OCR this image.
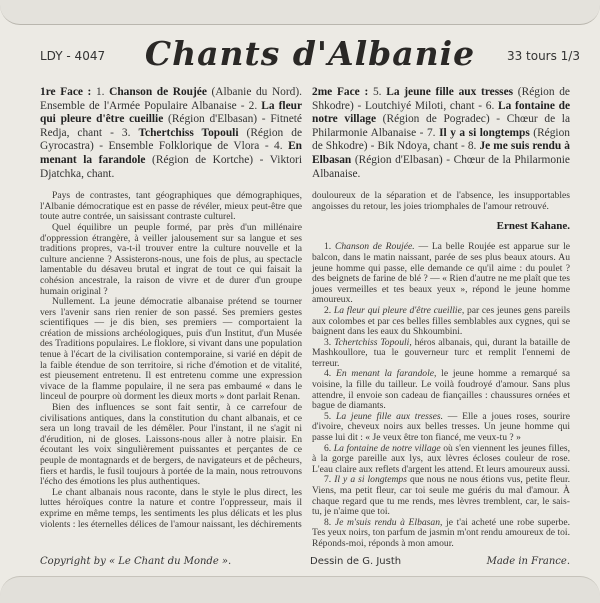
LDY - 4047 Chants d'Albanie	33 tours 1/3
1re Face : 1. Chanson de Roujée (Albanie du Nord). Ensemble de l'Armée Populaire Albanaise - 2. La fleur qui pleure d'être cueillie (Région d'Elbasan) - Fitneté Redja, chant - 3. Tchertchiss Topouli (Région de Gyrocastra) - Ensemble Folklorique de Vlora - 4. En menant la farandole (Région de Kortche) - Viktori Djatchka, chant.

Pays de contrastes, tant géographiques que démographiques, l'Albanie démocratique est en passe de révéler, mieux peut-être que toute autre contrée, un saisissant contraste culturel.

Quel équilibre un peuple formé, par près d'un millénaire d'oppression étrangère, à veiller jalousement sur sa langue et ses traditions propres, va-t-il trouver entre la culture nouvelle et la culture ancienne ? Assisterons-nous, une fois de plus, au spectacle lamentable du désaveu brutal et ingrat de tout ce qui faisait la cohésion ancestrale, la raison de vivre et de durer d'un groupe humain original ?

Nullement. La jeune démocratie albanaise prétend se tourner vers l'avenir sans rien renier de son passé. Ses premiers gestes scientifiques — je dis bien, ses premiers — comportaient la création de missions archéologiques, puis d'un Institut, d'un Musée des Traditions populaires. Le floklore, si vivant dans une population tenue à l'écart de la civilisation contemporaine, si varié en dépit de la faible étendue de son territoire, si riche d'émotion et de vitalité, est pieusement entretenu. Il est entretenu comme une expression vivace de la flamme populaire, il ne sera pas embaumé « dans le linceul de pourpre où dorment les dieux morts » dont parlait Renan.

Bien des influences se sont fait sentir, à ce carrefour de civilisations antiques, dans la constitution du chant albanais, et ce sera un long travail de les démêler. Pour l'instant, il ne s'agit ni d'érudition, ni de gloses. Laissons-nous aller à notre plaisir. En écoutant les voix singulièrement puissantes et perçantes de ce peuple de montagnards et de bergers, de navigateurs et de pêcheurs, fiers et hardis, le fusil toujours à portée de la main, nous retrouvons l'écho des émotions les plus authentiques.

Le chant albanais nous raconte, dans le style le plus direct, les luttes héroïques contre la nature et contre l'oppresseur, mais il exprime en même temps, les sentiments les plus délicats et les plus violents : les éternelles délices de l'amour naissant, les déchirements

2me Face : 5. La jeune fille aux tresses (Région de Shkodre) - Loutchiyé Miloti, chant - 6. La fontaine de notre village (Région de Pogradec) - Chœur de la Philarmonie Albanaise - 7. Il y a si longtemps (Région de Shkodre) - Bik Ndoya, chant - 8. Je me suis rendu à Elbasan (Région d'Elbasan) - Chœur de la Philarmonie Albanaise.

douloureux de la séparation et de l'absence, les insupportables angoisses du retour, les joies triomphales de l'amour retrouvé.

Ernest Kahane.

1. Chanson de Roujée. — La belle Roujée est apparue sur le balcon, dans le matin naissant, parée de ses plus beaux atours. Au jeune homme qui passe, elle demande ce qu'il aime : du poulet ? des beignets de farine de blé ? — « Rien d'autre ne me plaît que tes joues vermeilles et tes beaux yeux », répond le jeune homme amoureux.

2. La fleur qui pleure d'être cueillie, par ces jeunes gens pareils aux colombes et par ces belles filles semblables aux cygnes, qui se baignent dans les eaux du Shkoumbini.

3. Tchertchiss Topouli, héros albanais, qui, durant la bataille de Mashkoullore, tua le gouverneur turc et remplit l'ennemi de terreur.

4. En menant la farandole, le jeune homme a remarqué sa voisine, la fille du tailleur. Le voilà foudroyé d'amour. Sans plus attendre, il envoie son cadeau de fiançailles : chaussures ornées et bague de diamants.

5. La jeune fille aux tresses. — Elle a joues roses, sourire d'ivoire, cheveux noirs aux belles tresses. Un jeune homme qui passe lui dit : « Je veux être ton fiancé, me veux-tu ? »

6. La fontaine de notre village où s'en viennent les jeunes filles, à la gorge pareille aux lys, aux lèvres écloses couleur de rose. L'eau claire aux reflets d'argent les attend. Et leurs amoureux aussi.

7. Il y a si longtemps que nous ne nous étions vus, petite fleur. Viens, ma petit fleur, car toi seule me guéris du mal d'amour. À chaque regard que tu me rends, mes lèvres tremblent, car, le sais-tu, je n'aime que toi.

8. Je m'suis rendu à Elbasan, je t'ai acheté une robe superbe. Tes yeux noirs, ton parfum de jasmin m'ont rendu amoureux de toi. Réponds-moi, réponds à mon amour.

Copyright by « Le Chant du Monde ».	Dessin de G. Justh	Made in France.
